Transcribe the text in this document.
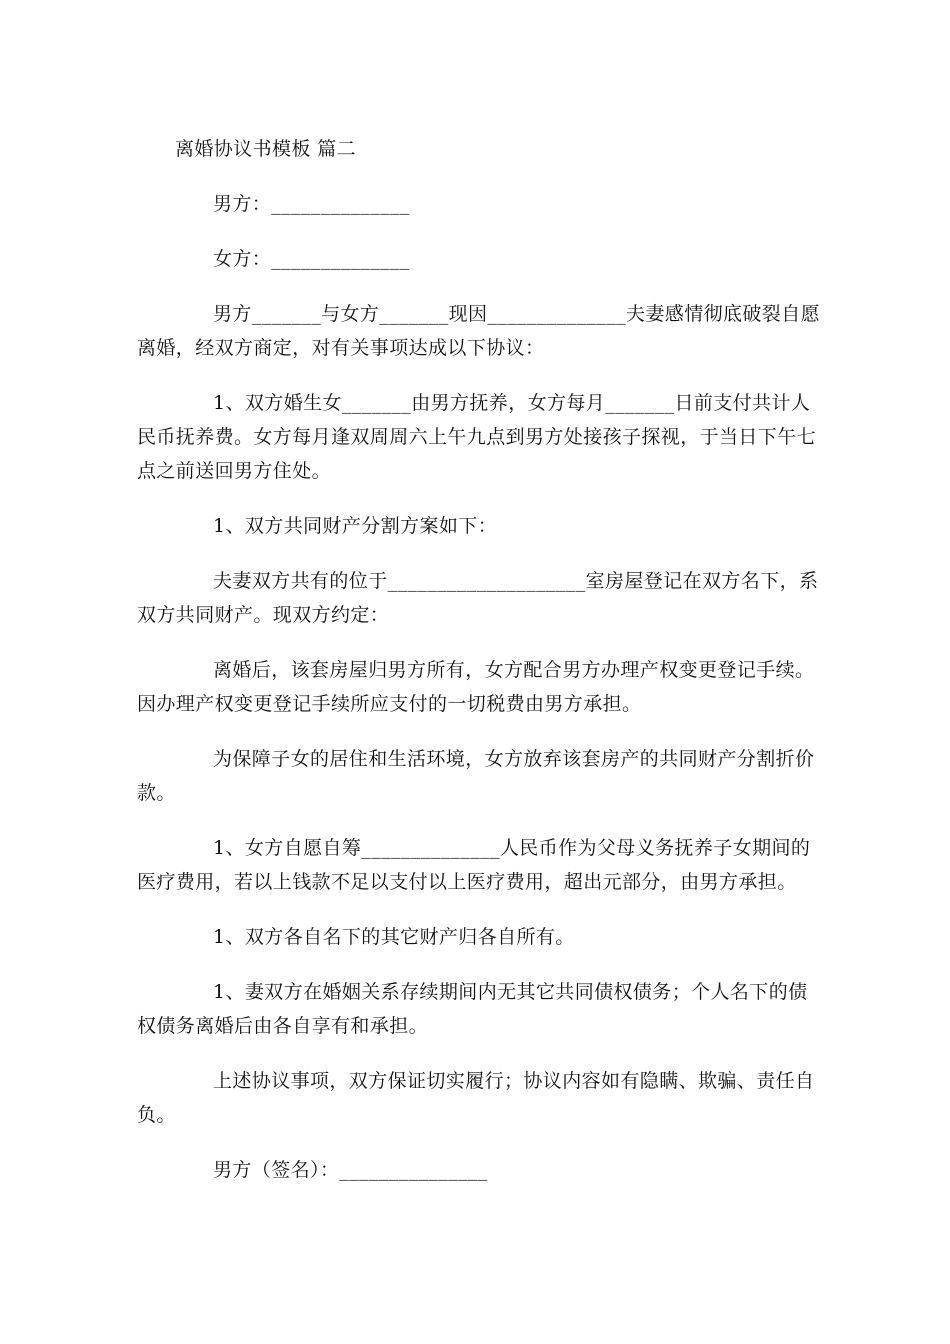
离婚协议书模板 篇二
男方：______________
女方：______________
男方_______与女方_______现因______________夫妻感情彻底破裂自愿
离婚，经双方商定，对有关事项达成以下协议：
1、双方婚生女_______由男方抚养，女方每月_______日前支付共计人
民币抚养费。女方每月逢双周周六上午九点到男方处接孩子探视，于当日下午七
点之前送回男方住处。
1、双方共同财产分割方案如下：
夫妻双方共有的位于____________________室房屋登记在双方名下，系
双方共同财产。现双方约定：
离婚后，该套房屋归男方所有，女方配合男方办理产权变更登记手续。
因办理产权变更登记手续所应支付的一切税费由男方承担。
为保障子女的居住和生活环境，女方放弃该套房产的共同财产分割折价
款。
1、女方自愿自筹______________人民币作为父母义务抚养子女期间的
医疗费用，若以上钱款不足以支付以上医疗费用，超出元部分，由男方承担。
1、双方各自名下的其它财产归各自所有。
1、妻双方在婚姻关系存续期间内无其它共同债权债务；个人名下的债
权债务离婚后由各自享有和承担。
上述协议事项，双方保证切实履行；协议内容如有隐瞒、欺骗、责任自
负。
男方（签名）：_______________
